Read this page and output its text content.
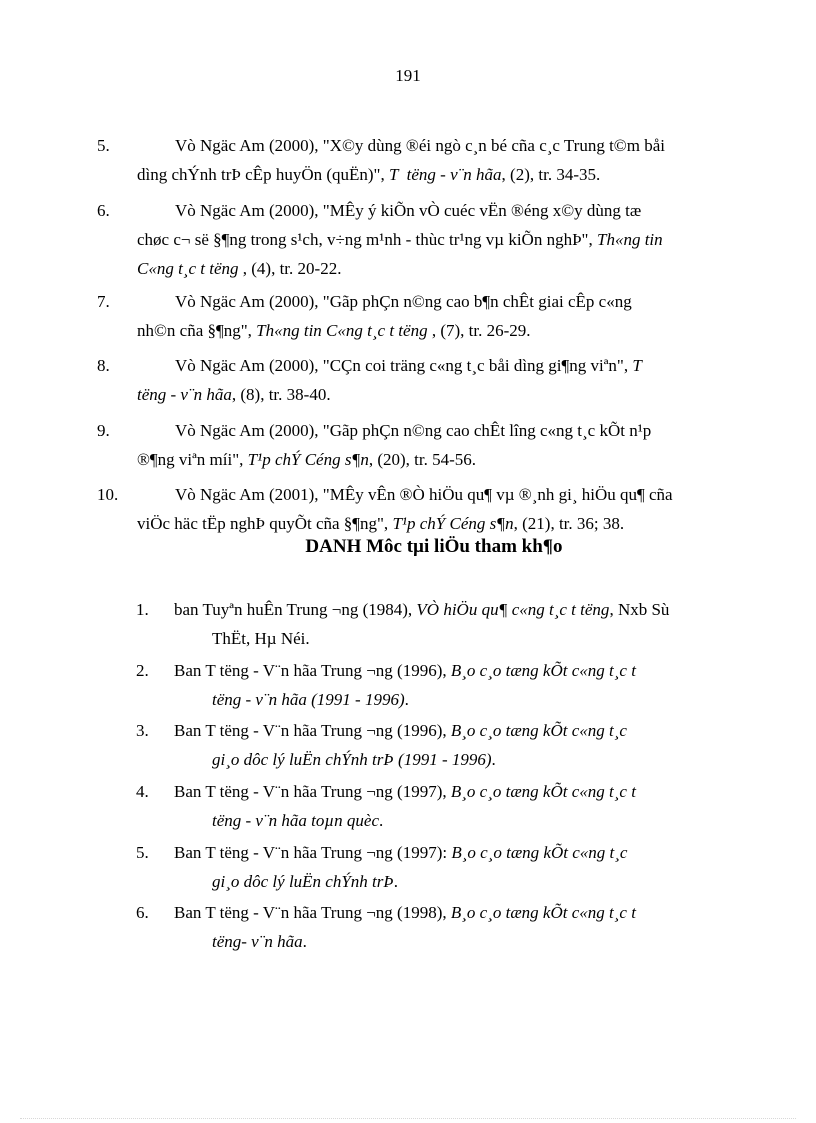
191
5.	Vò Ngäc Am (2000), "X©y dùng ®éi ngò c¸n bé cña c¸c Trung t©m båi
dìng chÝnh trÞ cÊp huyÖn (quËn)", T tëng - v¨n hãa, (2), tr. 34-35.
6.	Vò Ngäc Am (2000), "MÊy ý kiÕn vÒ cuéc vËn ®éng x©y dùng tæ
chøc c¬ së §¶ng trong s¹ch, v÷ng m¹nh - thùc tr¹ng vµ kiÕn nghÞ", Th«ng tin
C«ng t¸c t tëng , (4), tr. 20-22.
7.	Vò Ngäc Am (2000), "Gãp phÇn n©ng cao b¶n chÊt giai cÊp c«ng
nh©n cña §¶ng", Th«ng tin C«ng t¸c t tëng , (7), tr. 26-29.
8.	Vò Ngäc Am (2000), "CÇn coi träng c«ng t¸c båi dìng gi¶ng viªn", T
tëng - v¨n hãa, (8), tr. 38-40.
9.	Vò Ngäc Am (2000), "Gãp phÇn n©ng cao chÊt lîng c«ng t¸c kÕt n¹p
®¶ng viªn míi", T¹p chÝ Céng s¶n, (20), tr. 54-56.
10.	Vò Ngäc Am (2001), "MÊy vÊn ®Ò hiÖu qu¶ vµ ®¸nh gi¸ hiÖu qu¶ cña
viÖc häc tËp nghÞ quyÕt cña §¶ng", T¹p chÝ Céng s¶n, (21), tr. 36; 38.
DANH Môc tµi liÖu tham kh¶o
1. ban Tuyªn huÊn Trung ¬ng (1984), VÒ hiÖu qu¶ c«ng t¸c t tëng, Nxb Sù
ThËt, Hµ Néi.
2. Ban T tëng - V¨n hãa Trung ¬ng (1996), B¸o c¸o tæng kÕt c«ng t¸c t
tëng - v¨n hãa (1991 - 1996).
3. Ban T tëng - V¨n hãa Trung ¬ng (1996), B¸o c¸o tæng kÕt c«ng t¸c
gi¸o dôc lý luËn chÝnh trÞ (1991 - 1996).
4. Ban T tëng - V¨n hãa Trung ¬ng (1997), B¸o c¸o tæng kÕt c«ng t¸c t
tëng - v¨n hãa toµn quèc.
5. Ban T tëng - V¨n hãa Trung ¬ng (1997): B¸o c¸o tæng kÕt c«ng t¸c
gi¸o dôc lý luËn chÝnh trÞ.
6. Ban T tëng - V¨n hãa Trung ¬ng (1998), B¸o c¸o tæng kÕt c«ng t¸c t
tëng- v¨n hãa.
